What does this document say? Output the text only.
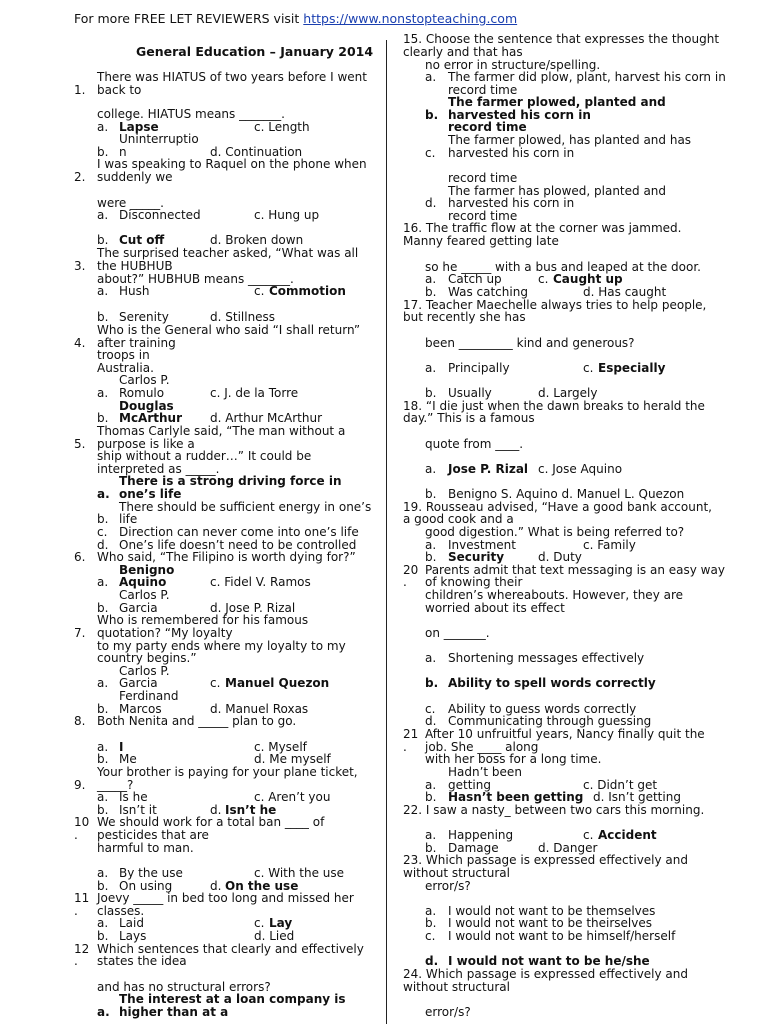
For more FREE LET REVIEWERS visit https://www.nonstopteaching.com
General Education – January 2014
There was HIATUS of two years before I went
1. back to
college. HIATUS means _______.
a. Lapse	c. Length
Uninterruptio
b. n	d. Continuation
I was speaking to Raquel on the phone when
2. suddenly we
were _____.
a. Disconnected	c. Hung up
b. Cut off	d. Broken down
The surprised teacher asked, “What was all
3. the HUBHUB
about?” HUBHUB means _______.
a. Hush	c. Commotion
b. Serenity	d. Stillness
Who is the General who said “I shall return”
4. after training
troops in
Australia.
Carlos P.
a. Romulo	c. J. de la Torre
Douglas
b. McArthur d. Arthur McArthur
Thomas Carlyle said, “The man without a
5. purpose is like a
ship without a rudder…” It could be
interpreted as _____.
There is a strong driving force in
a. one’s life
There should be sufficient energy in one’s
b. life
c. Direction can never come into one’s life
d. One’s life doesn’t need to be controlled
6. Who said, “The Filipino is worth dying for?”
Benigno
a. Aquino	c. Fidel V. Ramos
Carlos P.
b. Garcia	d. Jose P. Rizal
Who is remembered for his famous
7. quotation? “My loyalty
to my party ends where my loyalty to my
country begins.”
Carlos P.
a. Garcia	c. Manuel Quezon
Ferdinand
b. Marcos	d. Manuel Roxas
8. Both Nenita and _____ plan to go.
a. I	c. Myself
b. Me	d. Me myself
Your brother is paying for your plane ticket,
9. _____?
a. Is he	c. Aren’t you
b. Isn’t it	d. Isn’t he
10 We should work for a total ban ____ of
. pesticides that are
harmful to man.
a. By the use	c. With the use
b. On using	d. On the use
11 Joevy _____ in bed too long and missed her
. classes.
a. Laid	c. Lay
b. Lays	d. Lied
12 Which sentences that clearly and effectively
. states the idea
and has no structural errors?
The interest at a loan company is
a. higher than at a
15. Choose the sentence that expresses the thought
clearly and that has
no error in structure/spelling.
a. The farmer did plow, plant, harvest his corn in
record time
The farmer plowed, planted and
b. harvested his corn in
record time
The farmer plowed, has planted and has
c. harvested his corn in
record time
The farmer has plowed, planted and
d. harvested his corn in
record time
16. The traffic flow at the corner was jammed.
Manny feared getting late
so he _____ with a bus and leaped at the door.
a. Catch up	c. Caught up
b. Was catching	d. Has caught
17. Teacher Maechelle always tries to help people,
but recently she has
been _________ kind and generous?
a. Principally	c. Especially
b. Usually	d. Largely
18. “I die just when the dawn breaks to herald the
day.” This is a famous
quote from ____.
a. Jose P. Rizal c. Jose Aquino
b. Benigno S. Aquino d. Manuel L. Quezon
19. Rousseau advised, “Have a good bank account,
a good cook and a
good digestion.” What is being referred to?
a. Investment	c. Family
b. Security	d. Duty
20 Parents admit that text messaging is an easy way
. of knowing their
children’s whereabouts. However, they are
worried about its effect
on _______.
a. Shortening messages effectively
b. Ability to spell words correctly
c. Ability to guess words correctly
d. Communicating through guessing
21 After 10 unfruitful years, Nancy finally quit the
. job. She ____ along
with her boss for a long time.
Hadn’t been
a. getting	c. Didn’t get
b. Hasn’t been getting d. Isn’t getting
22. I saw a nasty_ between two cars this morning.
a. Happening	c. Accident
b. Damage	d. Danger
23. Which passage is expressed effectively and
without structural
error/s?
a. I would not want to be themselves
b. I would not want to be theirselves
c. I would not want to be himself/herself
d. I would not want to be he/she
24. Which passage is expressed effectively and
without structural
error/s?
